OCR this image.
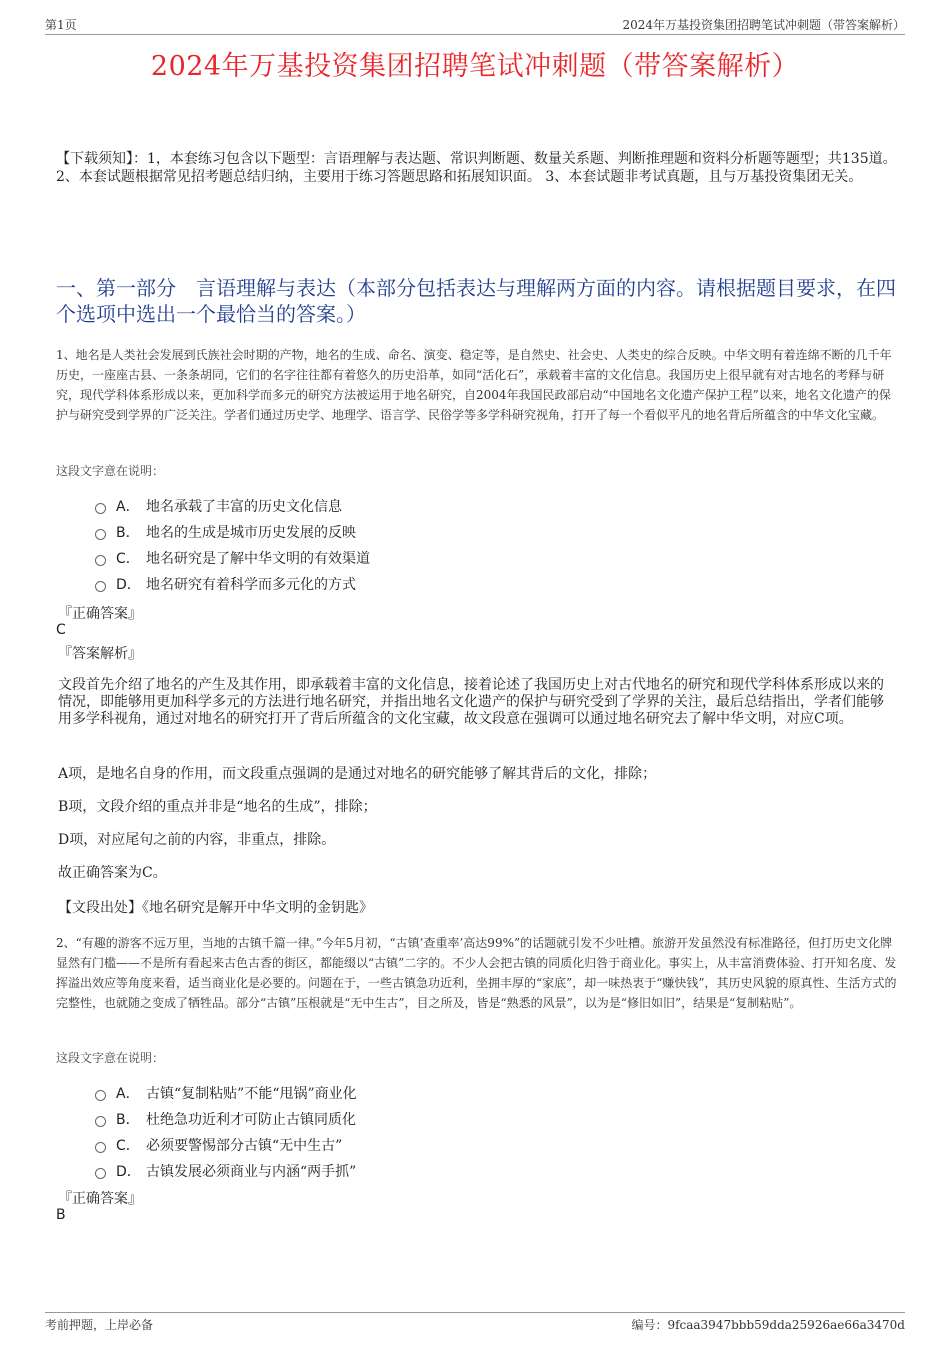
第1页	2024年万基投资集团招聘笔试冲刺题（带答案解析）
2024年万基投资集团招聘笔试冲刺题（带答案解析）
【下载须知】：1，本套练习包含以下题型：言语理解与表达题、常识判断题、数量关系题、判断推理题和资料分析题等题型；共135道。 2、本套试题根据常见招考题总结归纳，主要用于练习答题思路和拓展知识面。 3、本套试题非考试真题，且与万基投资集团无关。
一、第一部分　言语理解与表达（本部分包括表达与理解两方面的内容。请根据题目要求，在四个选项中选出一个最恰当的答案。）
1、地名是人类社会发展到氏族社会时期的产物，地名的生成、命名、演变、稳定等，是自然史、社会史、人类史的综合反映。中华文明有着连绵不断的几千年历史，一座座古县、一条条胡同，它们的名字往往都有着悠久的历史沿革，如同“活化石”，承载着丰富的文化信息。我国历史上很早就有对古地名的考释与研究，现代学科体系形成以来，更加科学而多元的研究方法被运用于地名研究，自2004年我国民政部启动“中国地名文化遗产保护工程”以来，地名文化遗产的保护与研究受到学界的广泛关注。学者们通过历史学、地理学、语言学、民俗学等多学科研究视角，打开了每一个看似平凡的地名背后所蕴含的中华文化宝藏。
这段文字意在说明：
A． 地名承载了丰富的历史文化信息
B． 地名的生成是城市历史发展的反映
C． 地名研究是了解中华文明的有效渠道
D． 地名研究有着科学而多元化的方式
『正确答案』
C
『答案解析』
文段首先介绍了地名的产生及其作用，即承载着丰富的文化信息，接着论述了我国历史上对古代地名的研究和现代学科体系形成以来的情况，即能够用更加科学多元的方法进行地名研究，并指出地名文化遗产的保护与研究受到了学界的关注，最后总结指出，学者们能够用多学科视角，通过对地名的研究打开了背后所蕴含的文化宝藏，故文段意在强调可以通过地名研究去了解中华文明，对应C项。
A项，是地名自身的作用，而文段重点强调的是通过对地名的研究能够了解其背后的文化，排除；
B项，文段介绍的重点并非是“地名的生成”，排除；
D项，对应尾句之前的内容，非重点，排除。
故正确答案为C。
【文段出处】《地名研究是解开中华文明的金钥匙》
2、“有趣的游客不远万里，当地的古镇千篇一律。”今年5月初，“古镇’查重率’高达99%”的话题就引发不少吐槽。旅游开发虽然没有标准路径，但打历史文化牌显然有门槛——不是所有看起来古色古香的街区，都能缀以“古镇”二字的。不少人会把古镇的同质化归咎于商业化。事实上，从丰富消费体验、打开知名度、发挥溢出效应等角度来看，适当商业化是必要的。问题在于，一些古镇急功近利，坐拥丰厚的“家底”，却一味热衷于“赚快钱”，其历史风貌的原真性、生活方式的完整性，也就随之变成了牺牲品。部分“古镇”压根就是“无中生古”，目之所及，皆是“熟悉的风景”，以为是“修旧如旧”，结果是“复制粘贴”。
这段文字意在说明：
A． 古镇“复制粘贴”不能“甩锅”商业化
B． 杜绝急功近利才可防止古镇同质化
C． 必须要警惕部分古镇“无中生古”
D． 古镇发展必须商业与内涵“两手抓”
『正确答案』
B
考前押题，上岸必备	编号：9fcaa3947bbb59dda25926ae66a3470d
